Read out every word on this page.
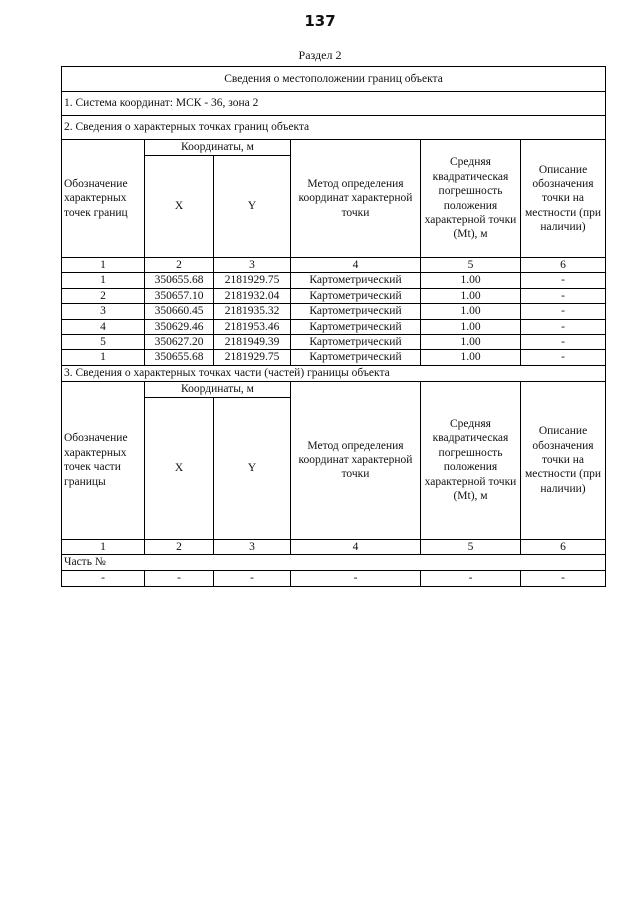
137
Раздел 2
Сведения о местоположении границ объекта					
1. Система координат: МСК - 36, зона 2					
2. Сведения о характерных точках границ объекта					
Обозначение характерных точек границ	Координаты, м		Метод определения координат характерной точки	Средняя квадратическая погрешность положения характерной точки (Mt), м	Описание обозначения точки на местности (при наличии)
	X	Y			
1	2	3	4	5	6
1	350655.68	2181929.75	Картометрический	1.00	-
2	350657.10	2181932.04	Картометрический	1.00	-
3	350660.45	2181935.32	Картометрический	1.00	-
4	350629.46	2181953.46	Картометрический	1.00	-
5	350627.20	2181949.39	Картометрический	1.00	-
1	350655.68	2181929.75	Картометрический	1.00	-
3. Сведения о характерных точках части (частей) границы объекта					
Обозначение характерных точек части границы	Координаты, м		Метод определения координат характерной точки	Средняя квадратическая погрешность положения характерной точки (Mt), м	Описание обозначения точки на местности (при наличии)
	X	Y			
1	2	3	4	5	6
Часть №					
-	-	-	-	-	-
